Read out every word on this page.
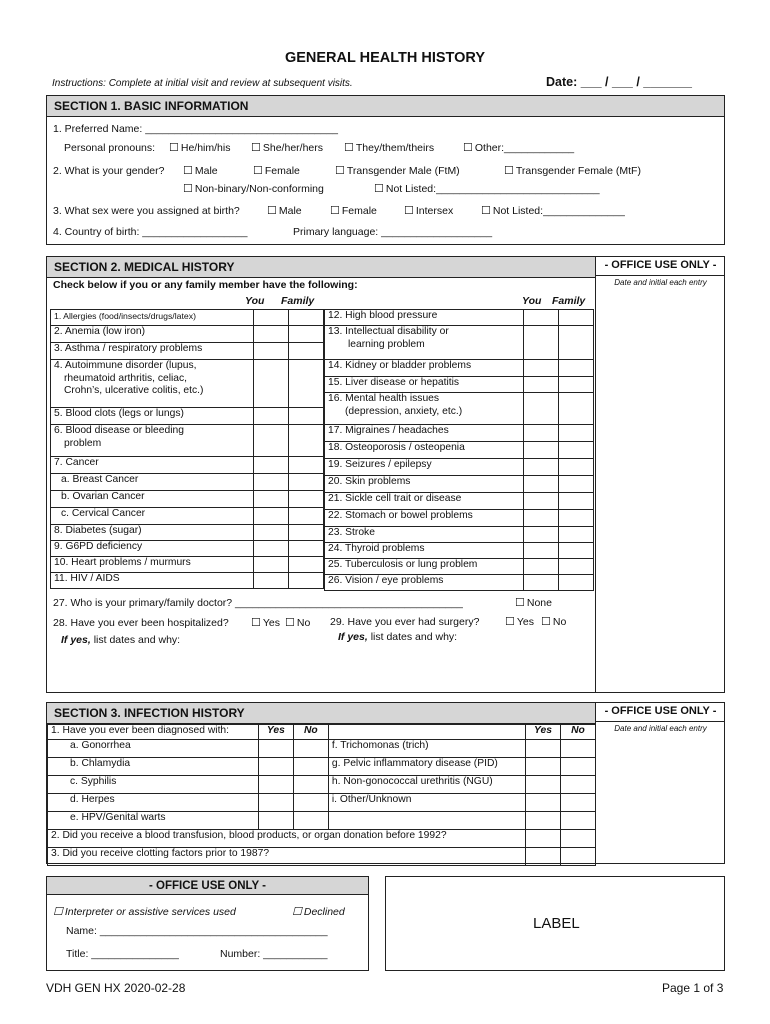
GENERAL HEALTH HISTORY
Instructions: Complete at initial visit and review at subsequent visits.	Date: ___ / ___ / _______
SECTION 1. BASIC INFORMATION
1. Preferred Name: _________________________________
Personal pronouns:	☐ He/him/his	☐ She/her/hers	☐ They/them/theirs	☐ Other:____________
2. What is your gender?	☐ Male	☐ Female	☐ Transgender Male (FtM)	☐ Transgender Female (MtF)
☐ Non-binary/Non-conforming	☐ Not Listed:____________________________
3. What sex were you assigned at birth?	☐ Male	☐ Female	☐ Intersex	☐ Not Listed:______________
4. Country of birth: __________________	Primary language: ___________________
SECTION 2. MEDICAL HISTORY	- OFFICE USE ONLY -
Date and initial each entry
Check below if you or any family member have the following:
You Family	You Family
1. Allergies (food/insects/drugs/latex)		
2. Anemia (low iron)		
3. Asthma / respiratory problems		

4. Autoimmune disorder (lupus,
rheumatoid arthritis, celiac,
Crohn’s, ulcerative colitis, etc.)		

5. Blood clots (legs or lungs)		

6. Blood disease or bleeding
problem		

7. Cancer		
a. Breast Cancer		
b. Ovarian Cancer		
c. Cervical Cancer		
8. Diabetes (sugar)		
9. G6PD deficiency		
10. Heart problems / murmurs		
11. HIV / AIDS		
12. High blood pressure		

13. Intellectual disability or
learning problem		

14. Kidney or bladder problems		
15. Liver disease or hepatitis		

16. Mental health issues
(depression, anxiety, etc.)		

17. Migraines / headaches		
18. Osteoporosis / osteopenia		
19. Seizures / epilepsy		
20. Skin problems		
21. Sickle cell trait or disease		
22. Stomach or bowel problems		
23. Stroke		
24. Thyroid problems		
25. Tuberculosis or lung problem		
26. Vision / eye problems		
27. Who is your primary/family doctor? _______________________________________	☐ None
28. Have you ever been hospitalized?	☐ Yes	☐ No
If yes, list dates and why:
29. Have you ever had surgery?	☐ Yes	☐ No
If yes, list dates and why:
SECTION 3. INFECTION HISTORY	- OFFICE USE ONLY -
Date and initial each entry
1. Have you ever been diagnosed with:	Yes	No		Yes	No
a. Gonorrhea			f. Trichomonas (trich)		
b. Chlamydia			g. Pelvic inflammatory disease (PID)		
c. Syphilis			h. Non-gonococcal urethritis (NGU)		
d. Herpes			i. Other/Unknown		
e. HPV/Genital warts					
2. Did you receive a blood transfusion, blood products, or organ donation before 1992?					
3. Did you receive clotting factors prior to 1987?					
- OFFICE USE ONLY -
☐ Interpreter or assistive services used	☐ Declined
Name: _______________________________________
Title: _______________	Number: ___________
LABEL
VDH GEN HX 2020-02-28	Page 1 of 3
